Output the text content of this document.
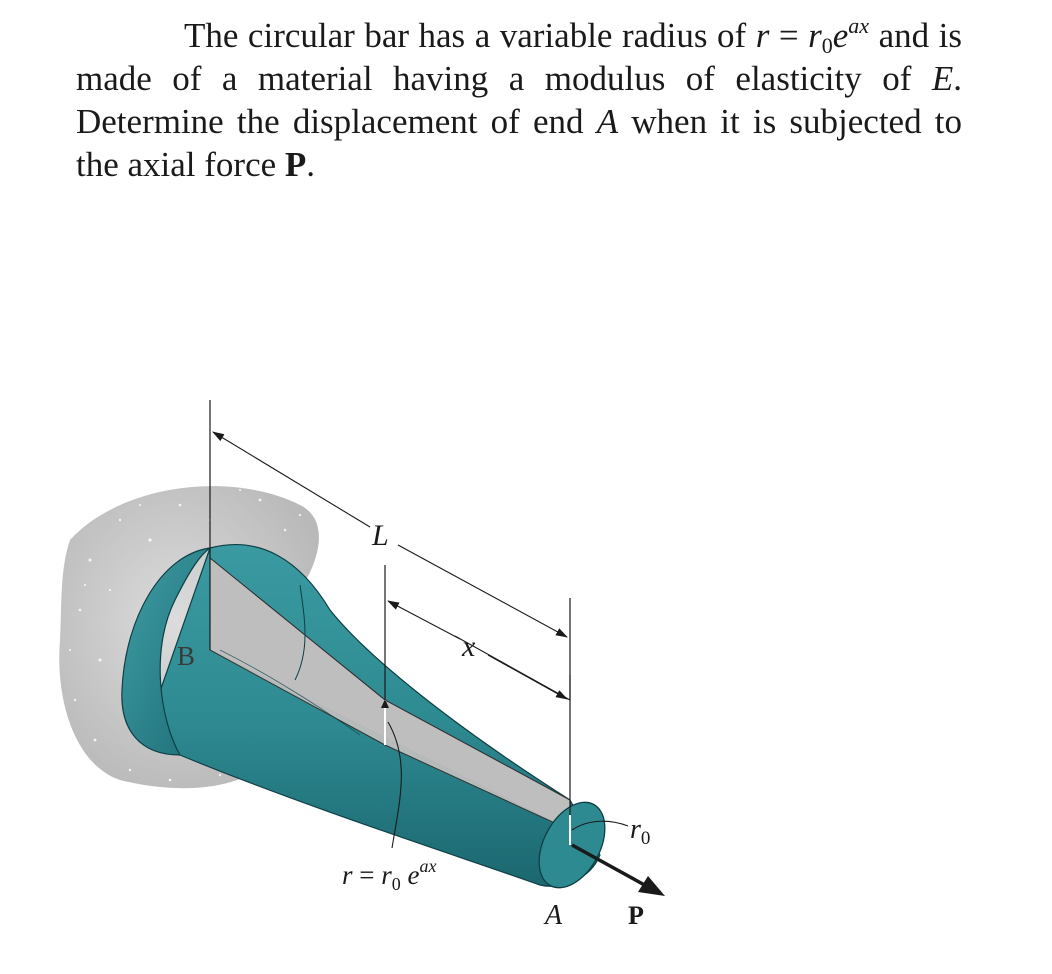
The circular bar has a variable radius of $r = r_0e^{ax}$ and is made of a material having a modulus of elasticity of E. Determine the displacement of end A when it is subjected to the axial force P.

L
x
B
A	P
$r_0$
$r = r_0$ $e^{ax}$
